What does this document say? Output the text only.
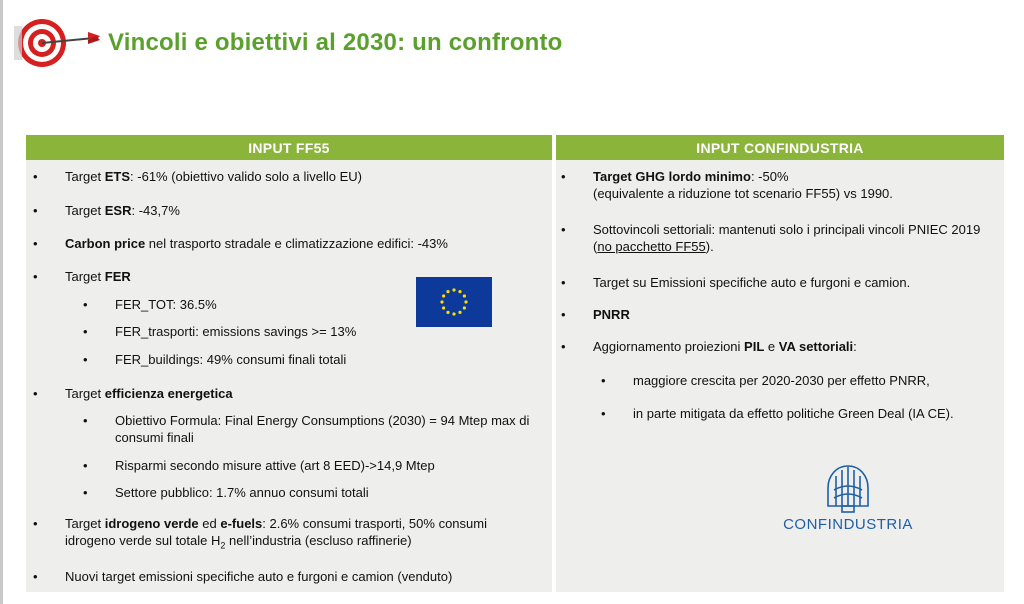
Vincoli e obiettivi al 2030: un confronto
INPUT FF55	INPUT CONFINDUSTRIA
• Target ETS: -61% (obiettivo valido solo a livello EU)
• Target ESR: -43,7%
• Carbon price nel trasporto stradale e climatizzazione edifici: -43%
• Target FER
• FER_TOT: 36.5%
• FER_trasporti: emissions savings >= 13%
• FER_buildings: 49% consumi finali totali
• Target efficienza energetica
• Obiettivo Formula: Final Energy Consumptions (2030) = 94 Mtep max di consumi finali
• Risparmi secondo misure attive (art 8 EED)->14,9 Mtep
• Settore pubblico: 1.7% annuo consumi totali
• Target idrogeno verde ed e-fuels: 2.6% consumi trasporti, 50% consumi idrogeno verde sul totale $H_2$ nell’industria (escluso raffinerie)
• Nuovi target emissioni specifiche auto e furgoni e camion (venduto)
• Target GHG lordo minimo: -50%
(equivalente a riduzione tot scenario FF55) vs 1990.
• Sottovincoli settoriali: mantenuti solo i principali vincoli PNIEC 2019 (no pacchetto FF55).
• Target su Emissioni specifiche auto e furgoni e camion.
• PNRR
• Aggiornamento proiezioni PIL e VA settoriali:
• maggiore crescita per 2020-2030 per effetto PNRR,
• in parte mitigata da effetto politiche Green Deal (IA CE).
CONFINDUSTRIA
